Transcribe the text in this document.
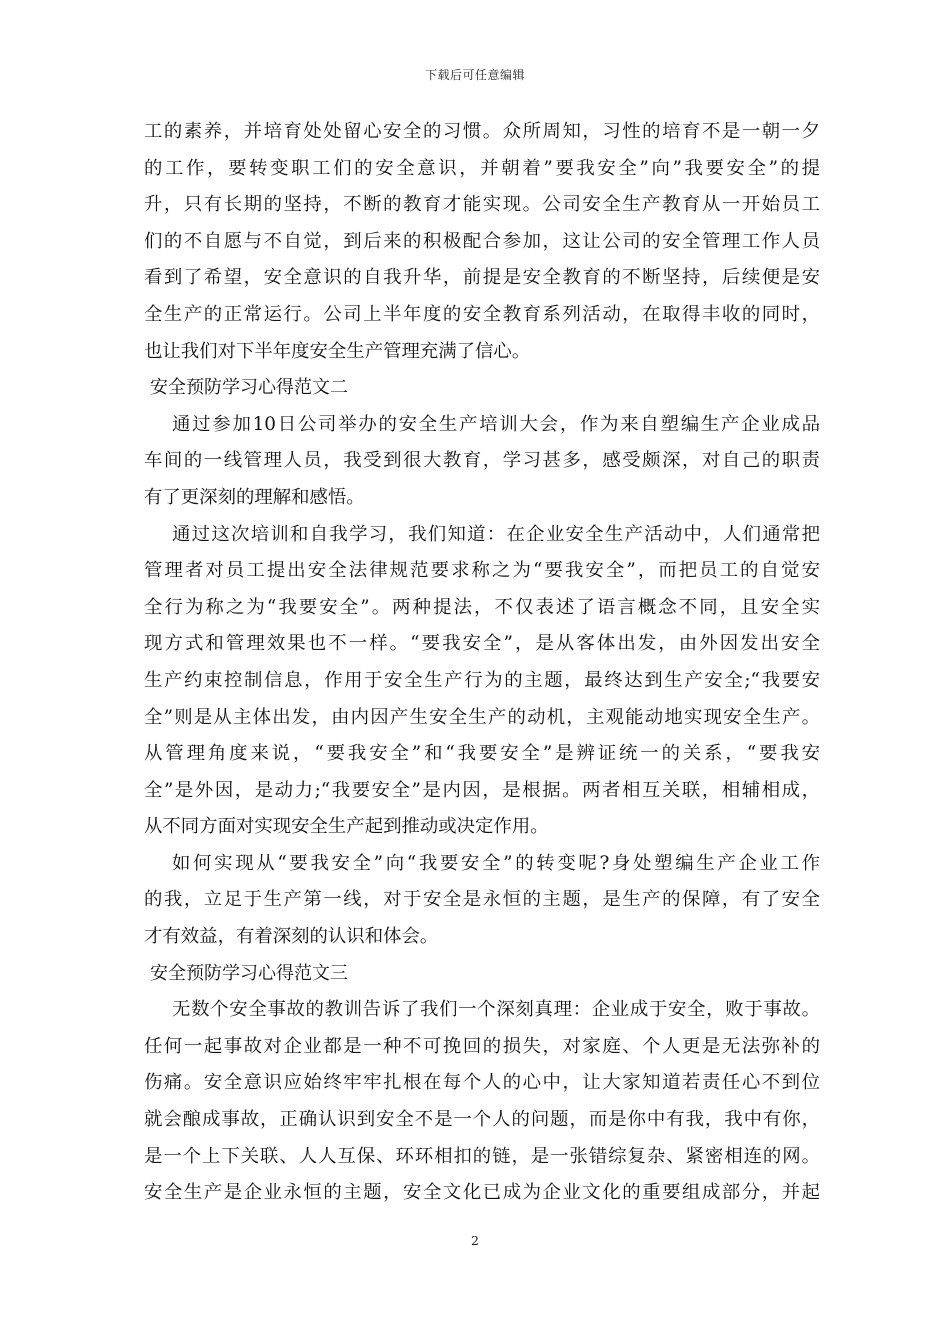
下载后可任意编辑
工的素养，并培育处处留心安全的习惯。众所周知，习性的培育不是一朝一夕
的工作，要转变职工们的安全意识，并朝着”要我安全”向”我要安全”的提
升，只有长期的坚持，不断的教育才能实现。公司安全生产教育从一开始员工
们的不自愿与不自觉，到后来的积极配合参加，这让公司的安全管理工作人员
看到了希望，安全意识的自我升华，前提是安全教育的不断坚持，后续便是安
全生产的正常运行。公司上半年度的安全教育系列活动，在取得丰收的同时，
也让我们对下半年度安全生产管理充满了信心。
安全预防学习心得范文二
通过参加10日公司举办的安全生产培训大会，作为来自塑编生产企业成品
车间的一线管理人员，我受到很大教育，学习甚多，感受颇深，对自己的职责
有了更深刻的理解和感悟。
通过这次培训和自我学习，我们知道：在企业安全生产活动中，人们通常把
管理者对员工提出安全法律规范要求称之为“要我安全”，而把员工的自觉安
全行为称之为“我要安全”。两种提法，不仅表述了语言概念不同，且安全实
现方式和管理效果也不一样。“要我安全”，是从客体出发，由外因发出安全
生产约束控制信息，作用于安全生产行为的主题，最终达到生产安全;“我要安
全”则是从主体出发，由内因产生安全生产的动机，主观能动地实现安全生产。
从管理角度来说，“要我安全”和“我要安全”是辨证统一的关系，“要我安
全”是外因，是动力;“我要安全”是内因，是根据。两者相互关联，相辅相成，
从不同方面对实现安全生产起到推动或决定作用。
如何实现从“要我安全”向“我要安全”的转变呢?身处塑编生产企业工作
的我，立足于生产第一线，对于安全是永恒的主题，是生产的保障，有了安全
才有效益，有着深刻的认识和体会。
安全预防学习心得范文三
无数个安全事故的教训告诉了我们一个深刻真理：企业成于安全，败于事故。
任何一起事故对企业都是一种不可挽回的损失，对家庭、个人更是无法弥补的
伤痛。安全意识应始终牢牢扎根在每个人的心中，让大家知道若责任心不到位
就会酿成事故，正确认识到安全不是一个人的问题，而是你中有我，我中有你，
是一个上下关联、人人互保、环环相扣的链，是一张错综复杂、紧密相连的网。
安全生产是企业永恒的主题，安全文化已成为企业文化的重要组成部分，并起
2
